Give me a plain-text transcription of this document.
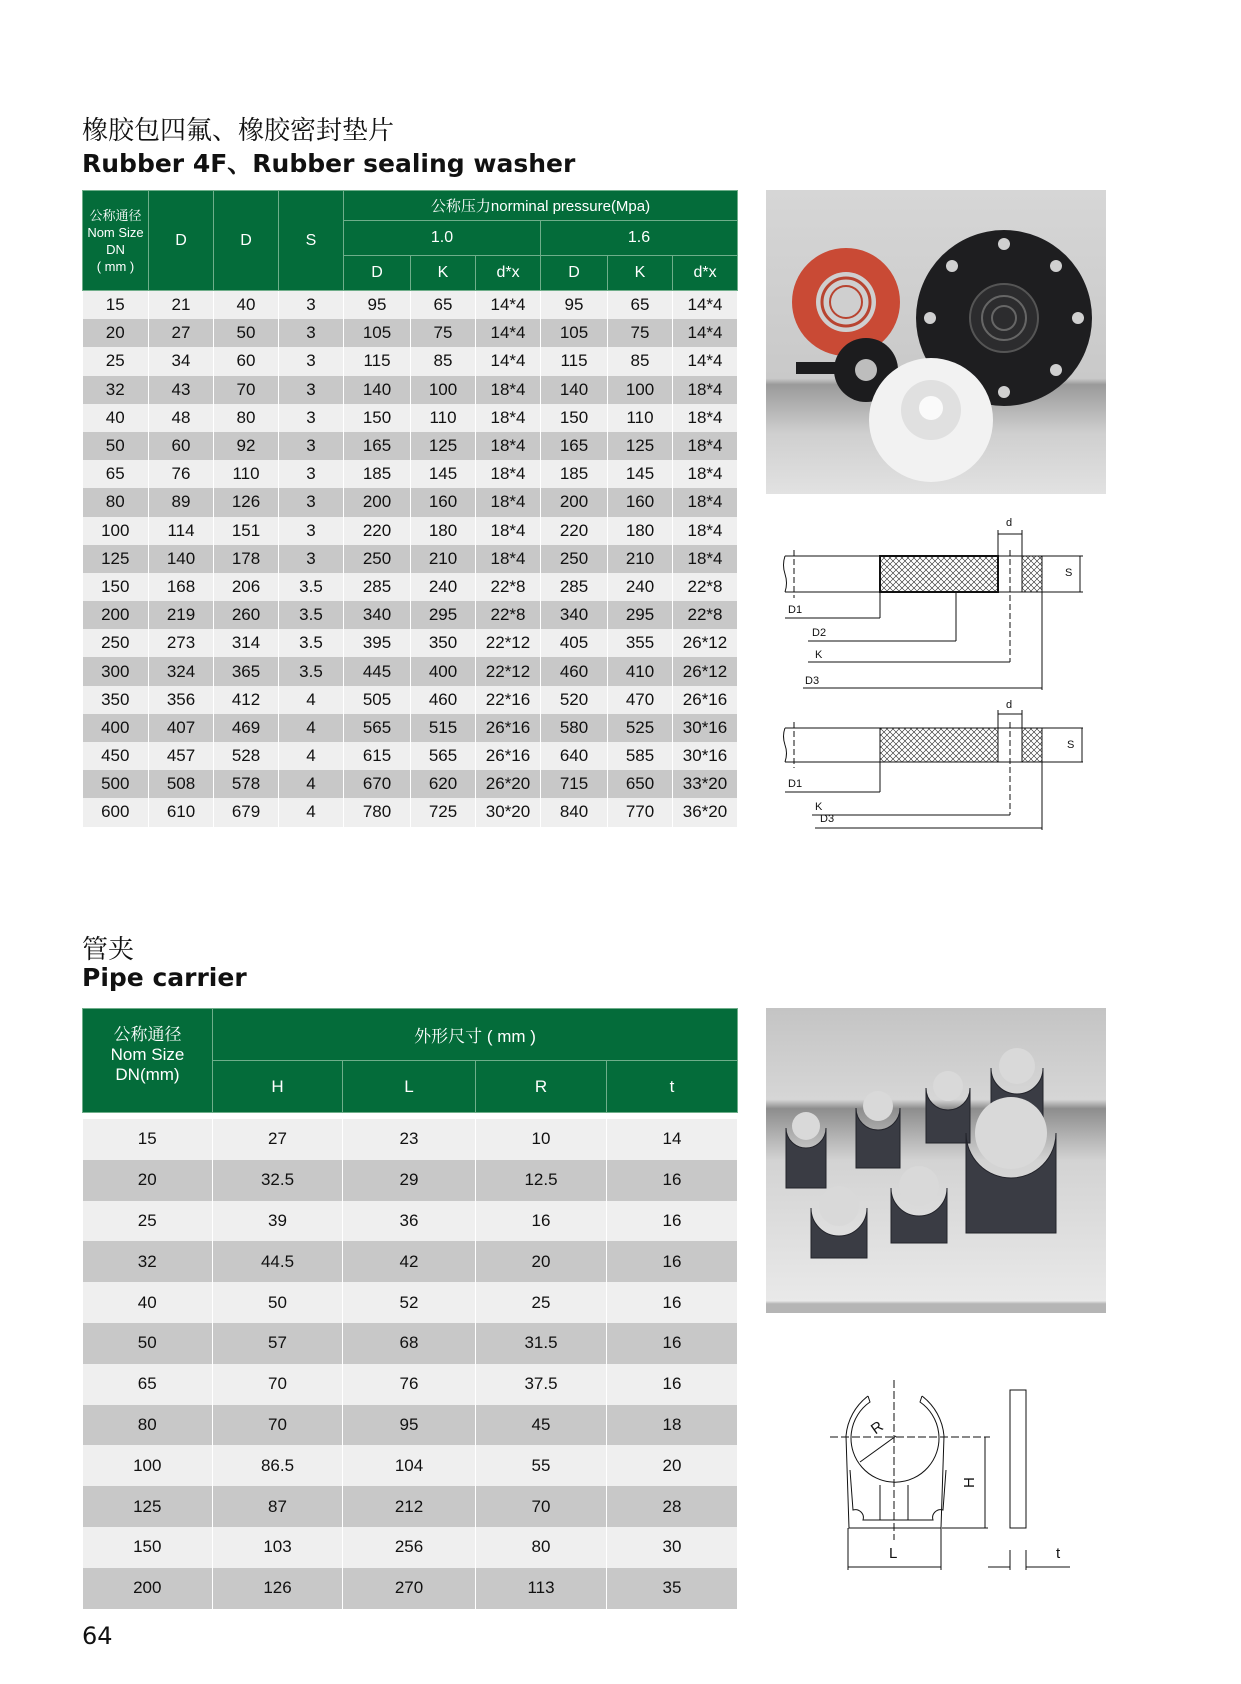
橡胶包四氟、橡胶密封垫片
Rubber 4F、Rubber sealing washer
公称通径
Nom Size
DN
( mm )	D	D	S	公称压力norminal pressure(Mpa)					
				1.0			1.6		
				D	K	d*x	D	K	d*x
15	21	40	3	95	65	14*4	95	65	14*4
20	27	50	3	105	75	14*4	105	75	14*4
25	34	60	3	115	85	14*4	115	85	14*4
32	43	70	3	140	100	18*4	140	100	18*4
40	48	80	3	150	110	18*4	150	110	18*4
50	60	92	3	165	125	18*4	165	125	18*4
65	76	110	3	185	145	18*4	185	145	18*4
80	89	126	3	200	160	18*4	200	160	18*4
100	114	151	3	220	180	18*4	220	180	18*4
125	140	178	3	250	210	18*4	250	210	18*4
150	168	206	3.5	285	240	22*8	285	240	22*8
200	219	260	3.5	340	295	22*8	340	295	22*8
250	273	314	3.5	395	350	22*12	405	355	26*12
300	324	365	3.5	445	400	22*12	460	410	26*12
350	356	412	4	505	460	22*16	520	470	26*16
400	407	469	4	565	515	26*16	580	525	30*16
450	457	528	4	615	565	26*16	640	585	30*16
500	508	578	4	670	620	26*20	715	650	33*20
600	610	679	4	780	725	30*20	840	770	36*20
d
S
D1
D2
K
D3
d
S
D1
K
D3
管夹
Pipe carrier
公称通径
Nom Size
DN(mm)	外形尺寸 ( mm )			
	H	L	R	t

15	27	23	10	14
20	32.5	29	12.5	16
25	39	36	16	16
32	44.5	42	20	16
40	50	52	25	16
50	57	68	31.5	16
65	70	76	37.5	16
80	70	95	45	18
100	86.5	104	55	20
125	87	212	70	28
150	103	256	80	30
200	126	270	113	35
R
H
L	t
64
